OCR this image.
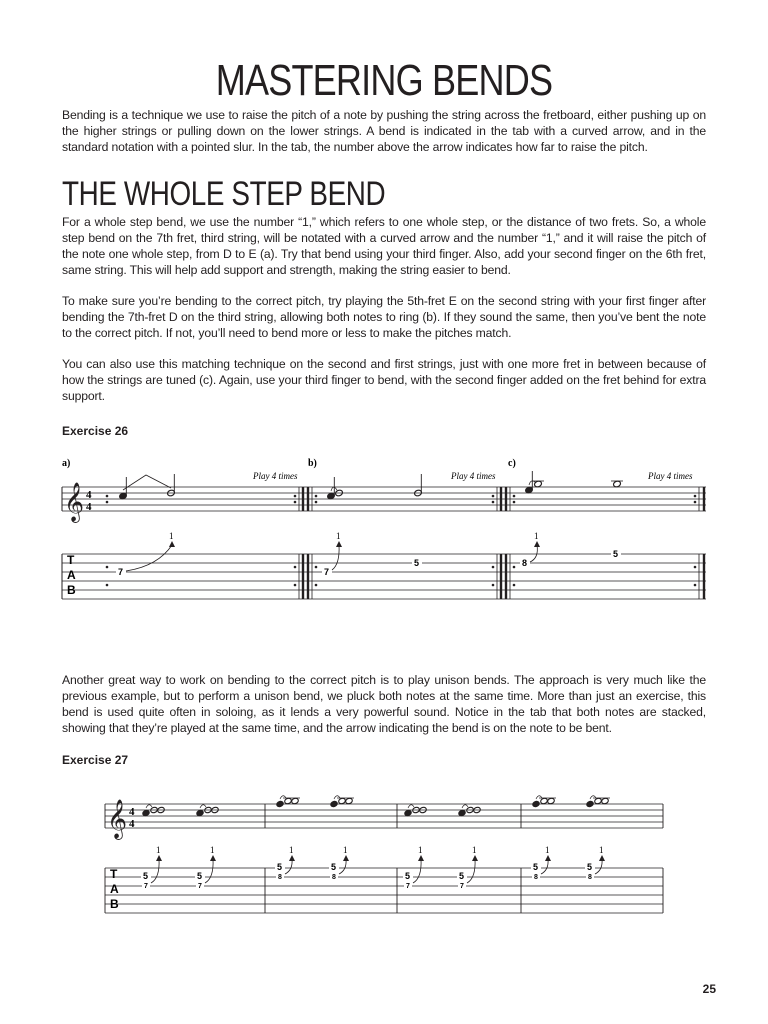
MASTERING BENDS

Bending is a technique we use to raise the pitch of a note by pushing the string across the fretboard, either pushing up on the higher strings or pulling down on the lower strings. A bend is indicated in the tab with a curved arrow, and in the standard notation with a pointed slur. In the tab, the number above the arrow indicates how far to raise the pitch.

THE WHOLE STEP BEND

For a whole step bend, we use the number “1,” which refers to one whole step, or the distance of two frets. So, a whole step bend on the 7th fret, third string, will be notated with a curved arrow and the number “1,” and it will raise the pitch of the note one whole step, from D to E (a). Try that bend using your third finger. Also, add your second finger on the 6th fret, same string. This will help add support and strength, making the string easier to bend.

To make sure you’re bending to the correct pitch, try playing the 5th-fret E on the second string with your first finger after bending the 7th-fret D on the third string, allowing both notes to ring (b). If they sound the same, then you’ve bent the note to the correct pitch. If not, you’ll need to bend more or less to make the pitches match.

You can also use this matching technique on the second and first strings, just with one more fret in between because of how the strings are tuned (c). Again, use your third finger to bend, with the second finger added on the fret behind for extra support.

Exercise 26

𝄞 4
4
T
A
B
a)	b)	c)
Play 4 times	Play 4 times	Play 4 times
7
1
7
1
5	8
1
5

Another great way to work on bending to the correct pitch is to play unison bends. The approach is very much like the previous example, but to perform a unison bend, we pluck both notes at the same time. More than just an exercise, this bend is used quite often in soloing, as it lends a very powerful sound. Notice in the tab that both notes are stacked, showing that they’re played at the same time, and the arrow indicating the bend is on the note to be bent.

Exercise 27

𝄞 4
4
T
A
B
5
7
1
5
7
1
5
8
1
5
8
1
5
7
1
5
7
1
5
8
1
5
8
1
25
